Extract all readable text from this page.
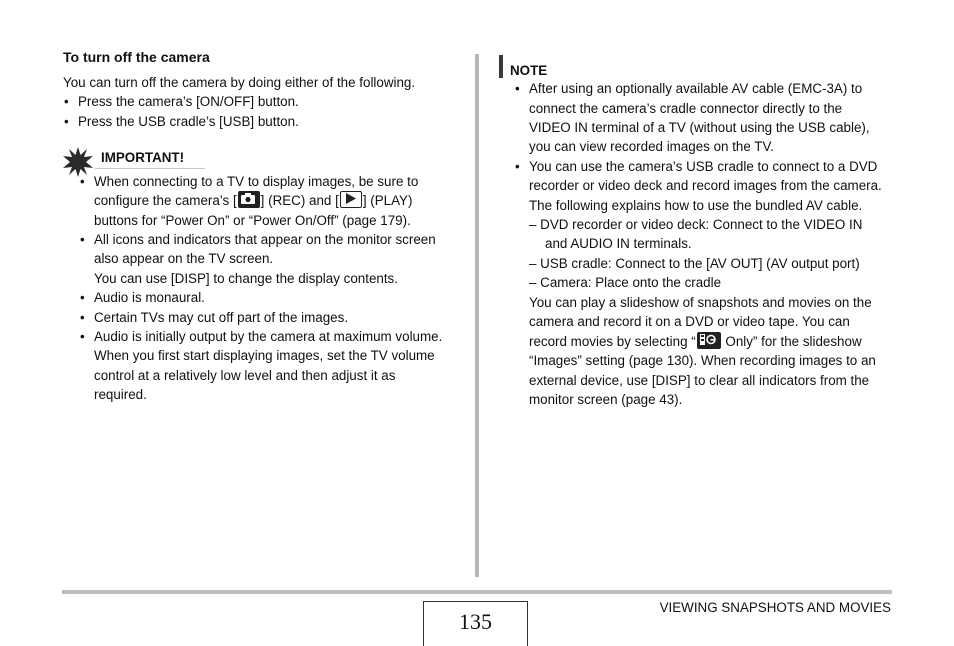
To turn off the camera
You can turn off the camera by doing either of the following.
• Press the camera’s [ON/OFF] button.
• Press the USB cradle’s [USB] button.
IMPORTANT!
• When connecting to a TV to display images, be sure to
configure the camera’s [ ] (REC) and [ ] (PLAY)
buttons for “Power On” or “Power On/Off” (page 179).
• All icons and indicators that appear on the monitor screen
also appear on the TV screen.
You can use [DISP] to change the display contents.
• Audio is monaural.
• Certain TVs may cut off part of the images.
• Audio is initially output by the camera at maximum volume.
When you first start displaying images, set the TV volume
control at a relatively low level and then adjust it as
required.
NOTE
• After using an optionally available AV cable (EMC-3A) to
connect the camera’s cradle connector directly to the
VIDEO IN terminal of a TV (without using the USB cable),
you can view recorded images on the TV.
• You can use the camera’s USB cradle to connect to a DVD
recorder or video deck and record images from the camera.
The following explains how to use the bundled AV cable.
– DVD recorder or video deck: Connect to the VIDEO IN
and AUDIO IN terminals.
– USB cradle: Connect to the [AV OUT] (AV output port)
– Camera: Place onto the cradle
You can play a slideshow of snapshots and movies on the
camera and record it on a DVD or video tape. You can
record movies by selecting “
Only” for the slideshow
“Images” setting (page 130). When recording images to an
external device, use [DISP] to clear all indicators from the
monitor screen (page 43).
135
VIEWING SNAPSHOTS AND MOVIES
